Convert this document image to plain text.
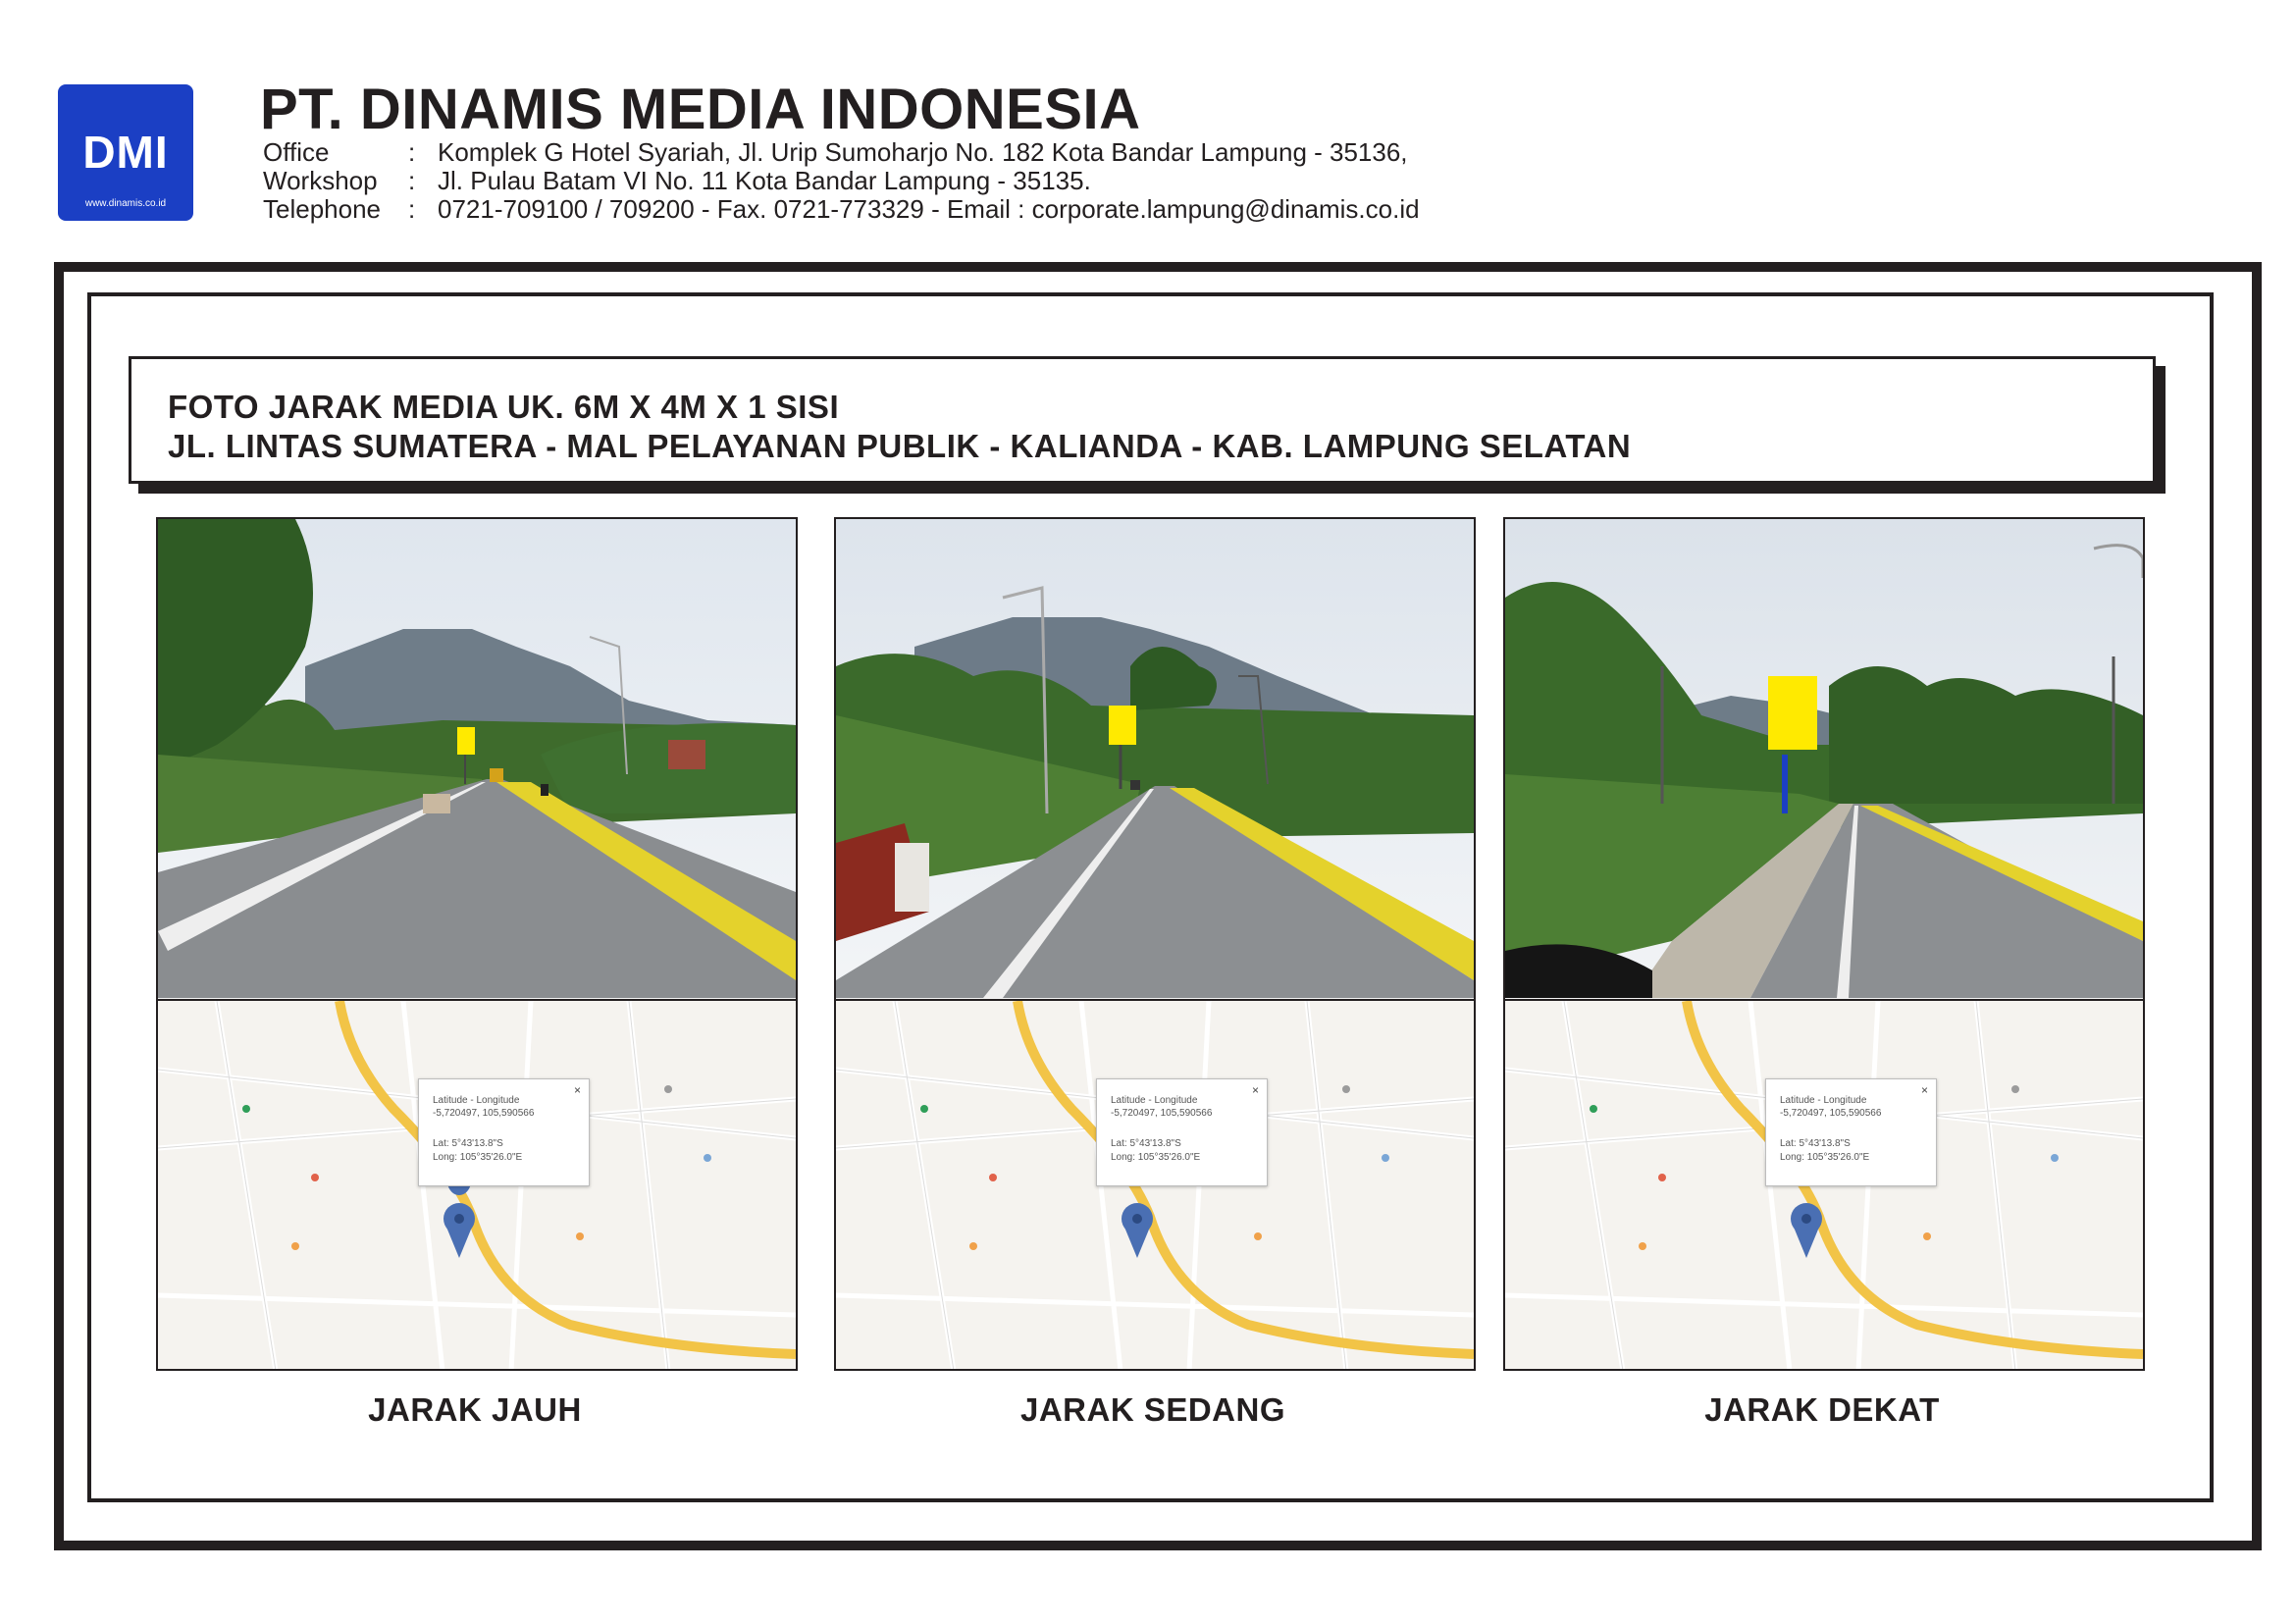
DMI
www.dinamis.co.id
PT. DINAMIS MEDIA INDONESIA
Office	: Komplek G Hotel Syariah, Jl. Urip Sumoharjo No. 182 Kota Bandar Lampung - 35136,
Workshop : Jl. Pulau Batam VI No. 11 Kota Bandar Lampung - 35135.
Telephone : 0721-709100 / 709200 - Fax. 0721-773329 - Email : corporate.lampung@dinamis.co.id
FOTO JARAK MEDIA UK. 6M X 4M X 1 SISI
JL. LINTAS SUMATERA - MAL PELAYANAN PUBLIK - KALIANDA - KAB. LAMPUNG SELATAN
×
Latitude - Longitude
-5,720497, 105,590566
Lat: 5°43'13.8"S
Long: 105°35'26.0"E
JARAK JAUH
×
Latitude - Longitude
-5,720497, 105,590566
Lat: 5°43'13.8"S
Long: 105°35'26.0"E
JARAK SEDANG
×
Latitude - Longitude
-5,720497, 105,590566
Lat: 5°43'13.8"S
Long: 105°35'26.0"E
JARAK DEKAT
